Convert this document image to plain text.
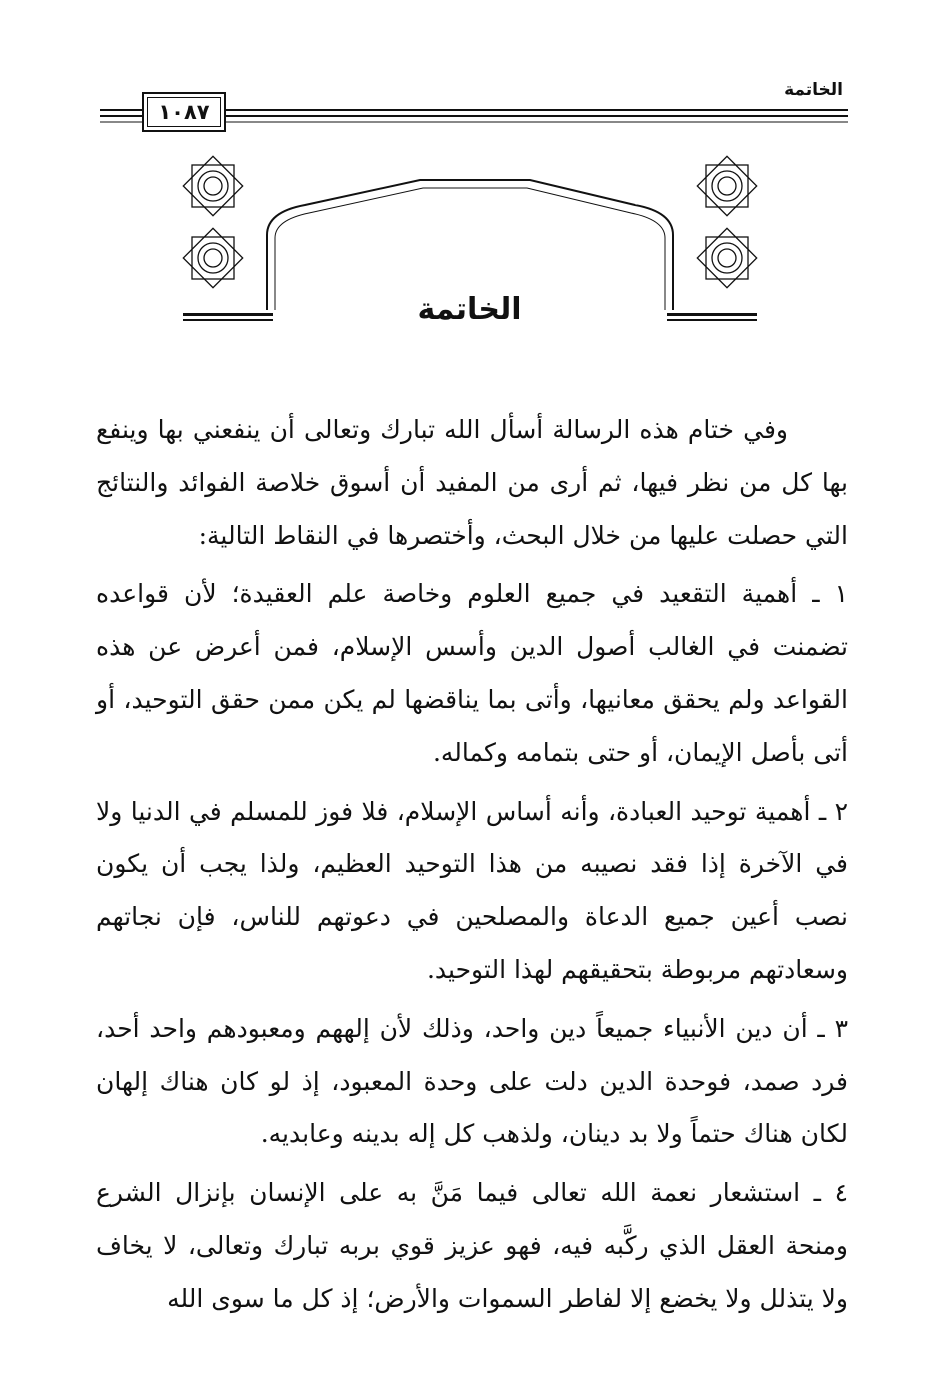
الخاتمة
١٠٨٧
الخاتمة

وفي ختام هذه الرسالة أسأل الله تبارك وتعالى أن ينفعني بها وينفع بها كل من نظر فيها، ثم أرى من المفيد أن أسوق خلاصة الفوائد والنتائج التي حصلت عليها من خلال البحث، وأختصرها في النقاط التالية:

١ ـ أهمية التقعيد في جميع العلوم وخاصة علم العقيدة؛ لأن قواعده تضمنت في الغالب أصول الدين وأسس الإسلام، فمن أعرض عن هذه القواعد ولم يحقق معانيها، وأتى بما يناقضها لم يكن ممن حقق التوحيد، أو أتى بأصل الإيمان، أو حتى بتمامه وكماله.

٢ ـ أهمية توحيد العبادة، وأنه أساس الإسلام، فلا فوز للمسلم في الدنيا ولا في الآخرة إذا فقد نصيبه من هذا التوحيد العظيم، ولذا يجب أن يكون نصب أعين جميع الدعاة والمصلحين في دعوتهم للناس، فإن نجاتهم وسعادتهم مربوطة بتحقيقهم لهذا التوحيد.

٣ ـ أن دين الأنبياء جميعاً دين واحد، وذلك لأن إلههم ومعبودهم واحد أحد، فرد صمد، فوحدة الدين دلت على وحدة المعبود، إذ لو كان هناك إلهان لكان هناك حتماً ولا بد دينان، ولذهب كل إله بدينه وعابديه.

٤ ـ استشعار نعمة الله تعالى فيما مَنَّ به على الإنسان بإنزال الشرع ومنحة العقل الذي ركَّبه فيه، فهو عزيز قوي بربه تبارك وتعالى، لا يخاف ولا يتذلل ولا يخضع إلا لفاطر السموات والأرض؛ إذ كل ما سوى الله
